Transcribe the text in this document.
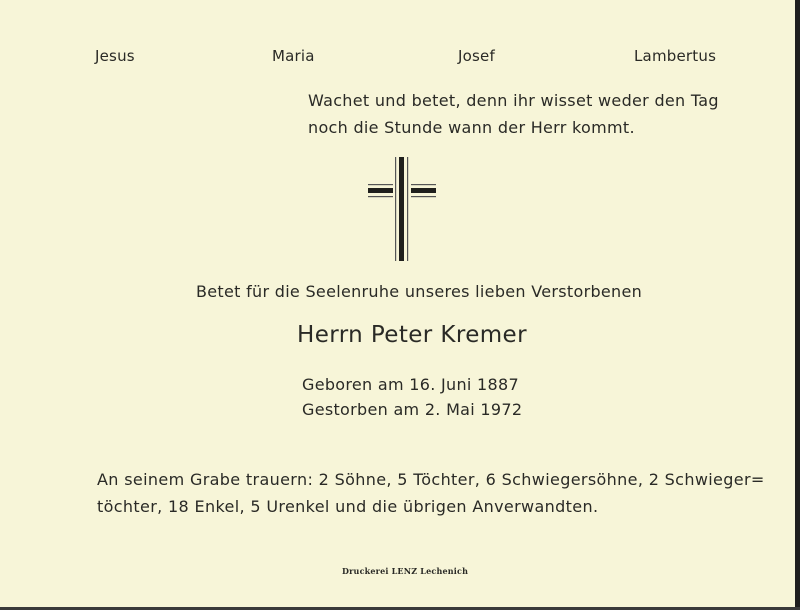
Jesus	Maria	Josef	Lambertus
Wachet und betet, denn ihr wisset weder den Tag
noch die Stunde wann der Herr kommt.
Betet für die Seelenruhe unseres lieben Verstorbenen
Herrn Peter Kremer
Geboren am 16. Juni 1887
Gestorben am 2. Mai 1972
An seinem Grabe trauern: 2 Söhne, 5 Töchter, 6 Schwiegersöhne, 2 Schwieger=
töchter, 18 Enkel, 5 Urenkel und die übrigen Anverwandten.
Druckerei LENZ Lechenich
